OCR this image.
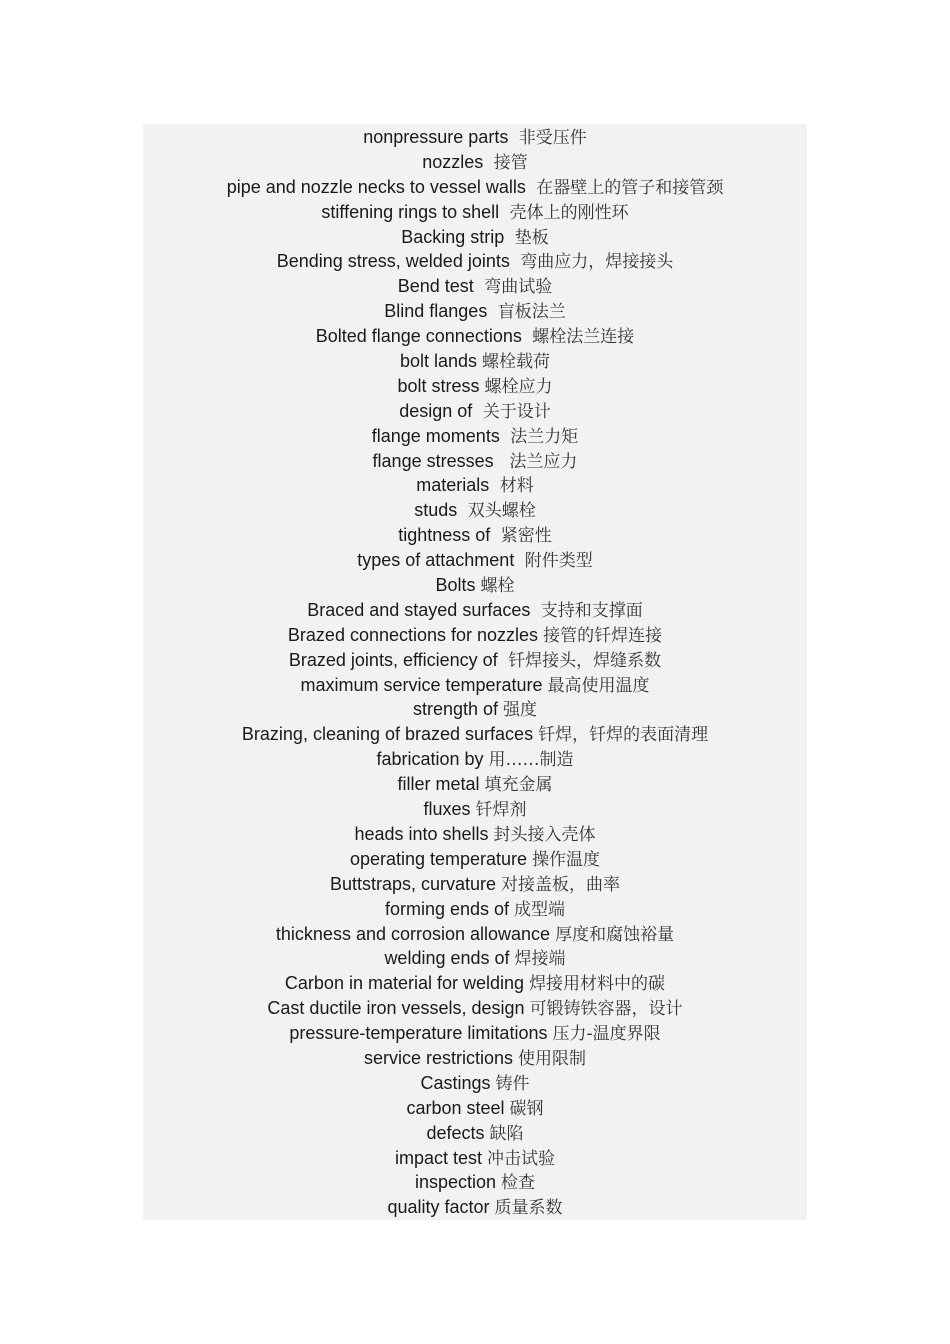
nonpressure parts  非受压件
nozzles  接管
pipe and nozzle necks to vessel walls  在器壁上的管子和接管颈
stiffening rings to shell  壳体上的刚性环
Backing strip  垫板
Bending stress, welded joints  弯曲应力，焊接接头
Bend test  弯曲试验
Blind flanges  盲板法兰
Bolted flange connections  螺栓法兰连接
bolt lands 螺栓载荷
bolt stress 螺栓应力
design of  关于设计
flange moments  法兰力矩
flange stresses   法兰应力
materials  材料
studs  双头螺栓
tightness of  紧密性
types of attachment  附件类型
Bolts 螺栓
Braced and stayed surfaces  支持和支撑面
Brazed connections for nozzles 接管的钎焊连接
Brazed joints, efficiency of  钎焊接头，焊缝系数
maximum service temperature 最高使用温度
strength of 强度
Brazing, cleaning of brazed surfaces 钎焊，钎焊的表面清理
fabrication by 用……制造
filler metal 填充金属
fluxes 钎焊剂
heads into shells 封头接入壳体
operating temperature 操作温度
Buttstraps, curvature 对接盖板，曲率
forming ends of 成型端
thickness and corrosion allowance 厚度和腐蚀裕量
welding ends of 焊接端
Carbon in material for welding 焊接用材料中的碳
Cast ductile iron vessels, design 可锻铸铁容器，设计
pressure-temperature limitations 压力-温度界限
service restrictions 使用限制
Castings 铸件
carbon steel 碳钢
defects 缺陷
impact test 冲击试验
inspection 检查
quality factor 质量系数
